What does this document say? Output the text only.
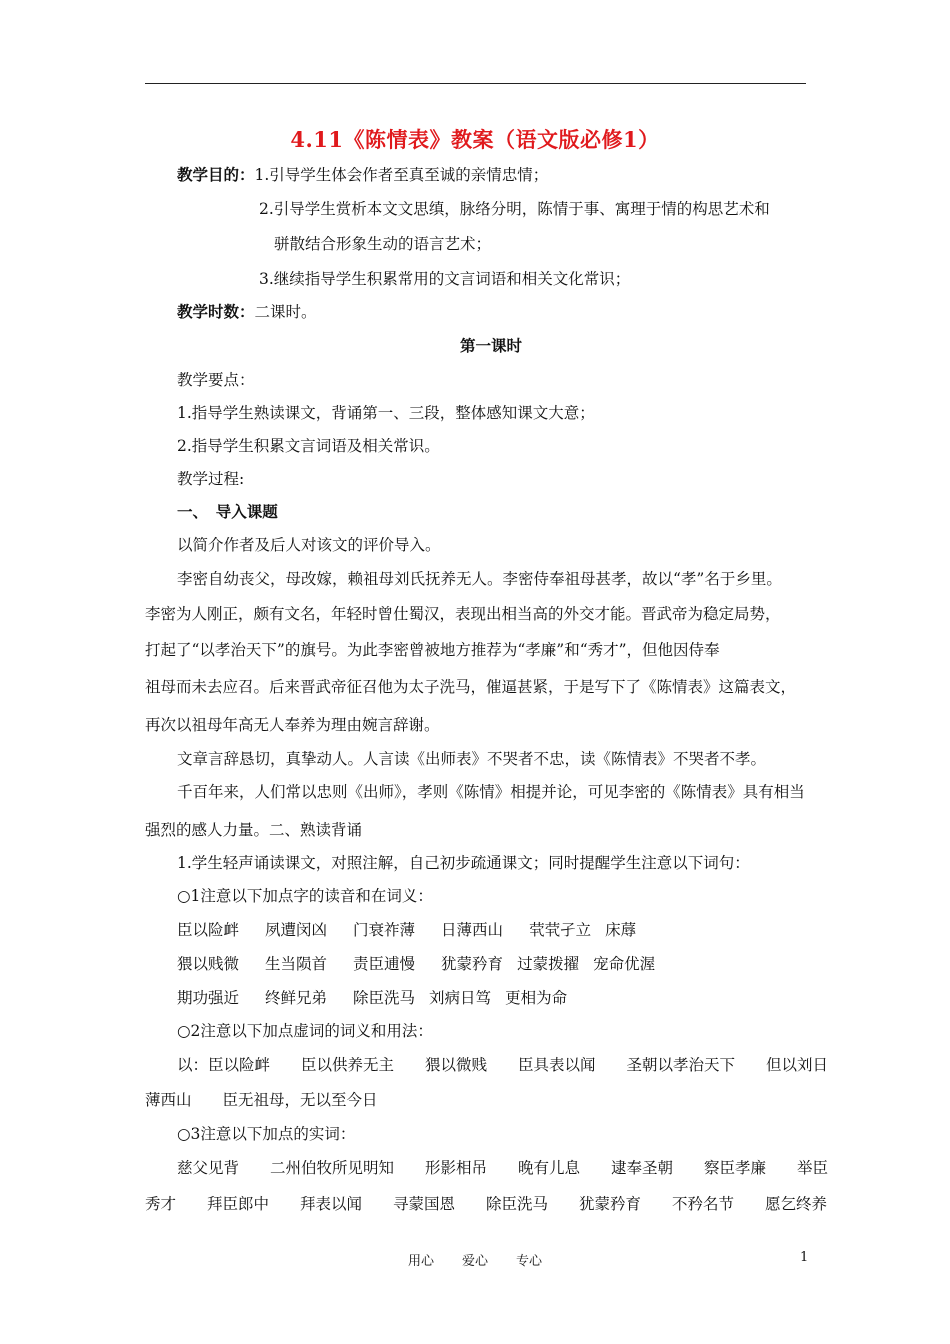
4.11《陈情表》教案（语文版必修1）
教学目的：1.引导学生体会作者至真至诚的亲情忠情；
2.引导学生赏析本文文思缜，脉络分明，陈情于事、寓理于情的构思艺术和
骈散结合形象生动的语言艺术；
3.继续指导学生积累常用的文言词语和相关文化常识；
教学时数：二课时。
第一课时
教学要点：
1.指导学生熟读课文，背诵第一、三段，整体感知课文大意；
2.指导学生积累文言词语及相关常识。
教学过程:
一、　导入课题
以简介作者及后人对该文的评价导入。
李密自幼丧父，母改嫁，赖祖母刘氏抚养无人。李密侍奉祖母甚孝，故以“孝”名于乡里。
李密为人刚正，颇有文名，年轻时曾仕蜀汉，表现出相当高的外交才能。晋武帝为稳定局势，
打起了“以孝治天下”的旗号。为此李密曾被地方推荐为“孝廉”和“秀才”，但他因侍奉
祖母而未去应召。后来晋武帝征召他为太子洗马，催逼甚紧，于是写下了《陈情表》这篇表文，
再次以祖母年高无人奉养为理由婉言辞谢。
文章言辞恳切，真挚动人。人言读《出师表》不哭者不忠，读《陈情表》不哭者不孝。
千百年来，人们常以忠则《出师》，孝则《陈情》相提并论，可见李密的《陈情表》具有相当
强烈的感人力量。二、熟读背诵
1.学生轻声诵读课文，对照注解，自己初步疏通课文；同时提醒学生注意以下词句：
○1注意以下加点字的读音和在词义：
臣以险衅 夙遭闵凶 门衰祚薄 日薄西山 茕茕孑立 床蓐
猥以贱微 生当陨首 责臣逋慢 犹蒙矜育 过蒙拨擢 宠命优渥
期功强近 终鲜兄弟 除臣洗马 刘病日笃 更相为命
○2注意以下加点虚词的词义和用法：
以：臣以险衅　　臣以供养无主　　猥以微贱　　臣具表以闻　　圣朝以孝治天下　　但以刘日
薄西山　　臣无祖母，无以至今日
○3注意以下加点的实词：
慈父见背　　二州伯牧所见明知　　形影相吊　　晚有儿息　　逮奉圣朝　　察臣孝廉　　举臣
秀才　　拜臣郎中　　拜表以闻　　寻蒙国恩　　除臣洗马　　犹蒙矜育　　不矜名节　　愿乞终养
用心 爱心 专心	1
